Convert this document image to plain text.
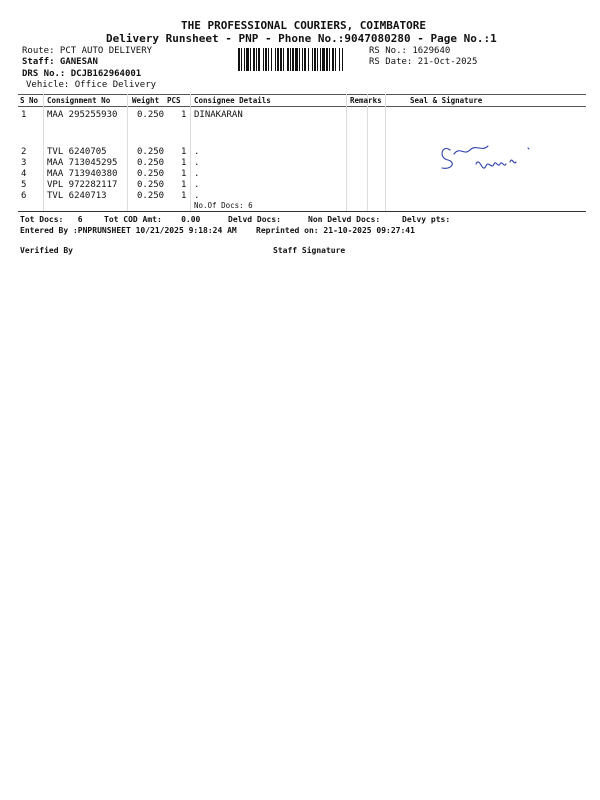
THE PROFESSIONAL COURIERS, COIMBATORE
Delivery Runsheet - PNP - Phone No.:9047080280 - Page No.:1
Route: PCT AUTO DELIVERY
Staff: GANESAN
DRS No.: DCJB162964001
Vehicle: Office Delivery
RS No.: 1629640
RS Date: 21-Oct-2025
S No Consignment No	Weight PCS Consignee Details	Remarks	Seal & Signature
1 MAA 295255930 0.250 1 DINAKARAN
2 TVL 6240705	0.250 1 .
3 MAA 713045295 0.250 1 .
4 MAA 713940380 0.250 1 .
5 VPL 972282117 0.250 1 .
6 TVL 6240713	0.250 1 .
No.Of Docs: 6
Tot Docs:   6	Tot COD Amt:    0.00	Delvd Docs:	Non Delvd Docs:	Delvy pts:
Entered By :PNPRUNSHEET 10/21/2025 9:18:24 AM Reprinted on: 21-10-2025 09:27:41
Verified By	Staff Signature
